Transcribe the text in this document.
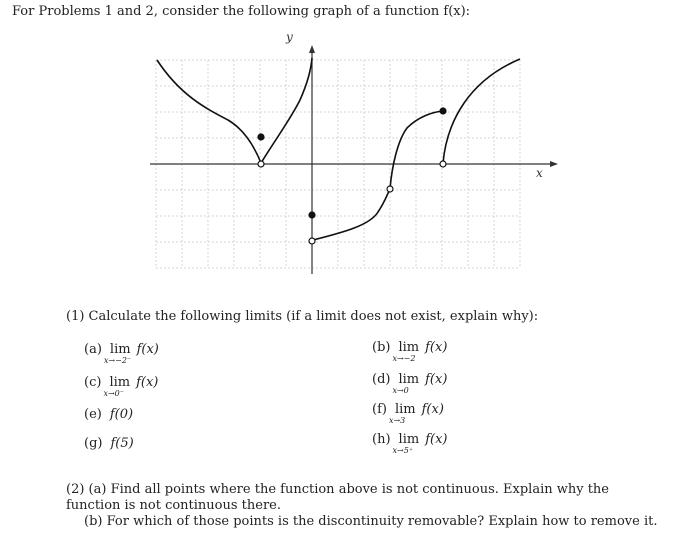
For Problems 1 and 2, consider the following graph of a function f(x):
x
y
(1) Calculate the following limits (if a limit does not exist, explain why):
(a) lim
x→−2⁻
f(x)	(b) lim
x→−2
f(x)
(c) lim
x→0⁻
f(x)	(d) lim
x→0
f(x)
(e) f(0)	(f) lim
x→3
f(x)
(g) f(5)	(h) lim
x→5⁺
f(x)
(2) (a) Find all points where the function above is not continuous. Explain why the function is not continuous there.
(b) For which of those points is the discontinuity removable? Explain how to remove it.
